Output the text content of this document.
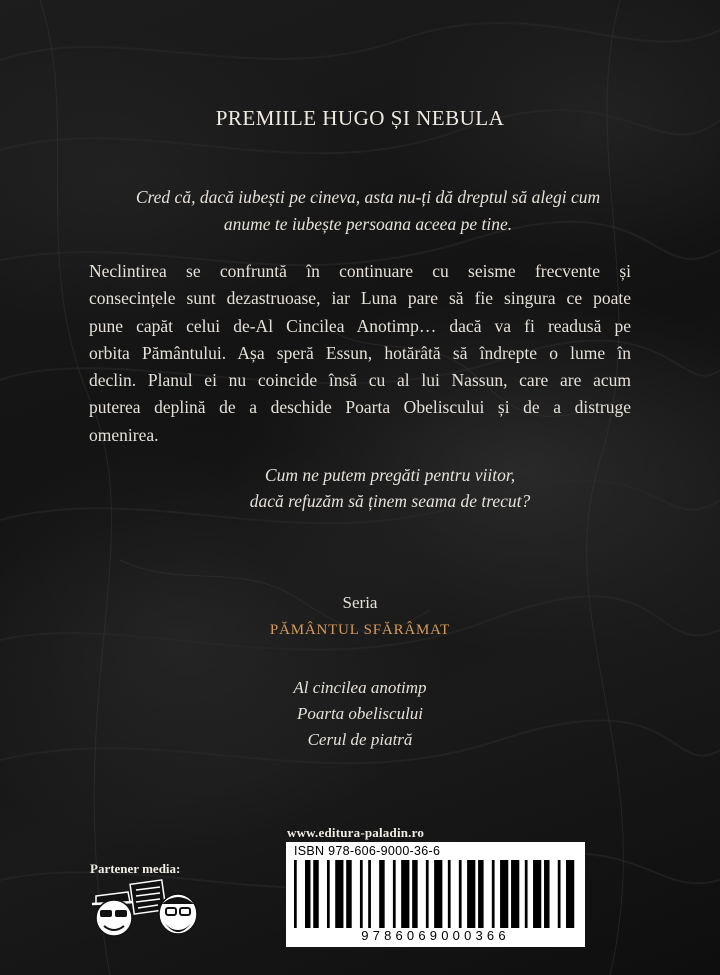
PREMIILE HUGO ȘI NEBULA
Cred că, dacă iubești pe cineva, asta nu-ți dă dreptul să alegi cum
anume te iubește persoana aceea pe tine.
Neclintirea se confruntă în continuare cu seisme frecvente și
consecințele sunt dezastruoase, iar Luna pare să fie singura ce poate
pune capăt celui de-Al Cincilea Anotimp… dacă va fi readusă pe
orbita Pământului. Așa speră Essun, hotărâtă să îndrepte o lume în
declin. Planul ei nu coincide însă cu al lui Nassun, care are acum
puterea deplină de a deschide Poarta Obeliscului și de a distruge
omenirea.
Cum ne putem pregăti pentru viitor,
dacă refuzăm să ținem seama de trecut?
Seria
PĂMÂNTUL SFĂRÂMAT
Al cincilea anotimp
Poarta obeliscului
Cerul de piatră
www.editura-paladin.ro
Partener media:
ISBN 978-606-9000-36-6
9786069000366
